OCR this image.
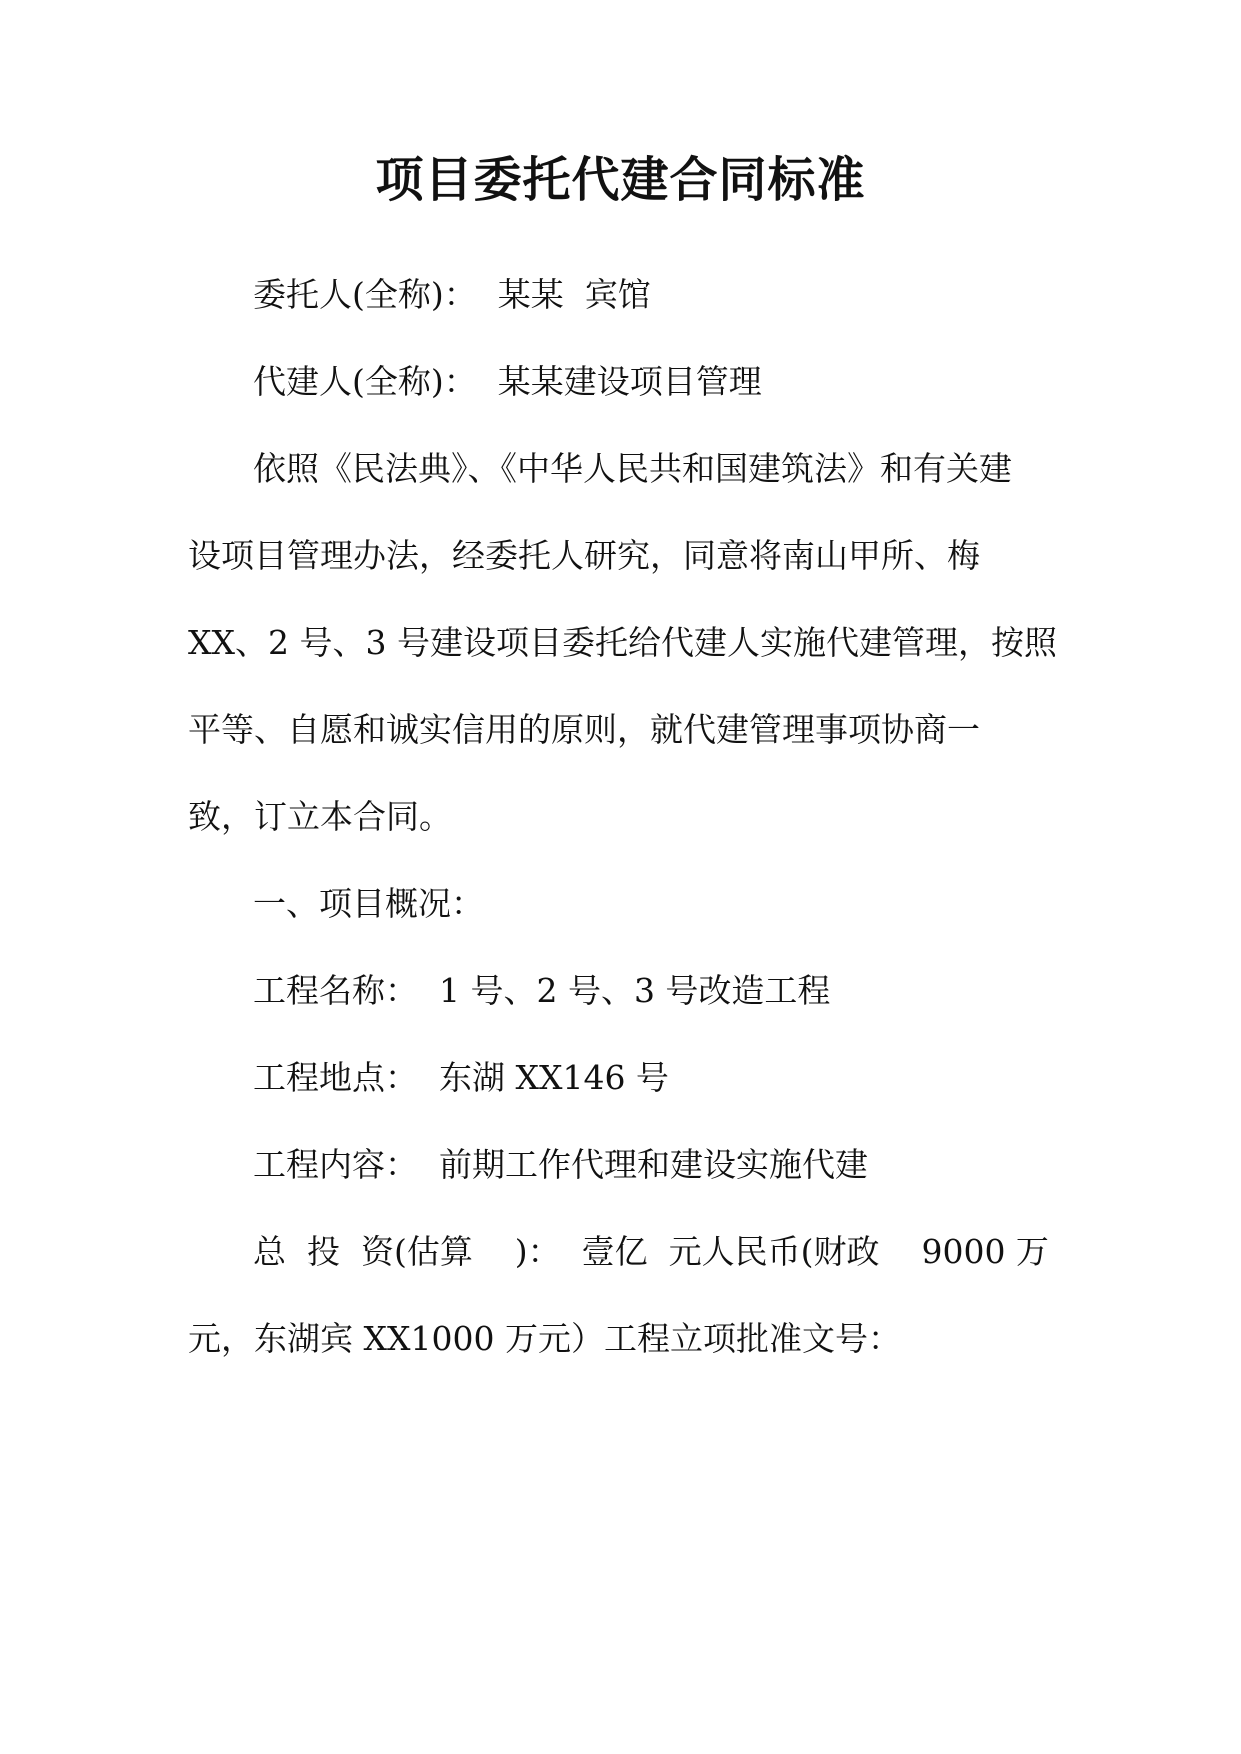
项目委托代建合同标准
委托人(全称)：  某某  宾馆
代建人(全称)：  某某建设项目管理
依照《民法典》、《中华人民共和国建筑法》和有关建
设项目管理办法，经委托人研究，同意将南山甲所、梅
XX、2 号、3 号建设项目委托给代建人实施代建管理，按照
平等、自愿和诚实信用的原则，就代建管理事项协商一
致，订立本合同。
一、项目概况：
工程名称：  1 号、2 号、3 号改造工程
工程地点：  东湖 XX146 号
工程内容：  前期工作代理和建设实施代建
总  投  资(估算    )：  壹亿  元人民币(财政    9000 万
元，东湖宾 XX1000 万元）工程立项批准文号：
